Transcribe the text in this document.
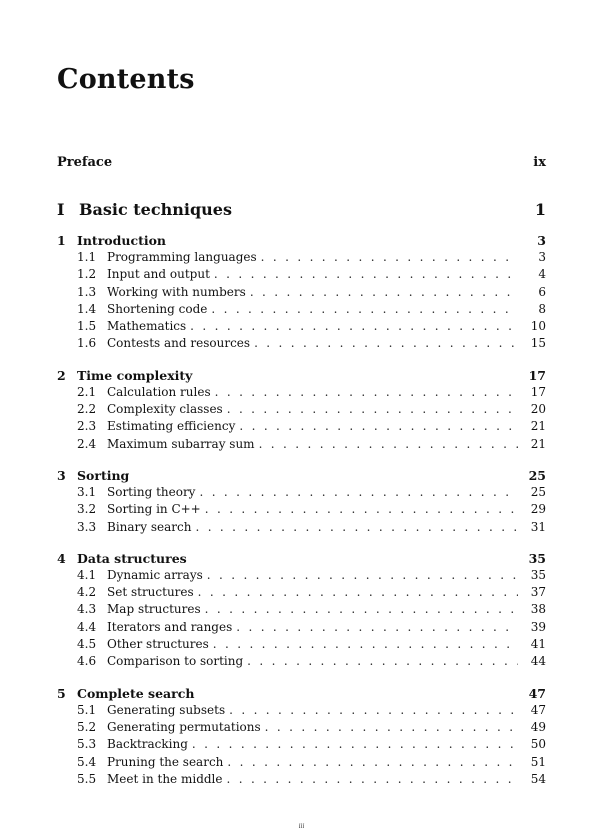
Contents
Preface	ix
I Basic techniques	1
1 Introduction	3
1.1 Programming languages . . .	3
1.2 Input and output . . .	4
1.3 Working with numbers . . .	6
1.4 Shortening code . . .	8
1.5 Mathematics . . .	10
1.6 Contests and resources . . .	15
2 Time complexity	17
2.1 Calculation rules . . .	17
2.2 Complexity classes . . .	20
2.3 Estimating efficiency . . .	21
2.4 Maximum subarray sum . . .	21
3 Sorting	25
3.1 Sorting theory . . .	25
3.2 Sorting in C++ . . .	29
3.3 Binary search . . .	31
4 Data structures	35
4.1 Dynamic arrays . . .	35
4.2 Set structures . . .	37
4.3 Map structures . . .	38
4.4 Iterators and ranges . . .	39
4.5 Other structures . . .	41
4.6 Comparison to sorting . . .	44
5 Complete search	47
5.1 Generating subsets . . .	47
5.2 Generating permutations . . .	49
5.3 Backtracking . . .	50
5.4 Pruning the search . . .	51
5.5 Meet in the middle . . .	54
iii
